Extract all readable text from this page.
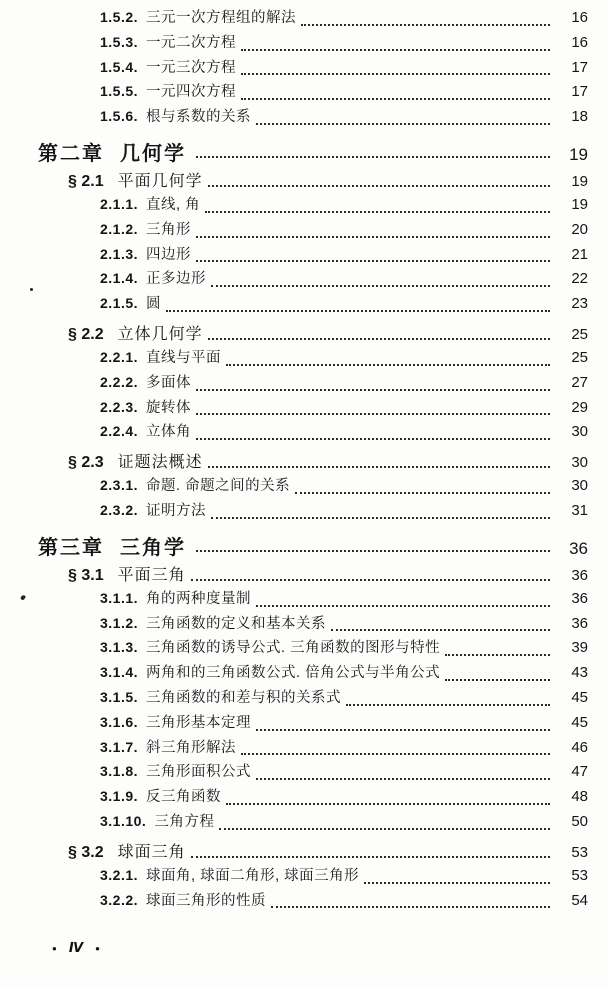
1.5.2. 三元一次方程组的解法	16
1.5.3. 一元二次方程	16
1.5.4. 一元三次方程	17
1.5.5. 一元四次方程	17
1.5.6. 根与系数的关系	18
第二章 几何学	19
§ 2.1 平面几何学	19
2.1.1. 直线, 角	19
2.1.2. 三角形	20
2.1.3. 四边形	21
2.1.4. 正多边形	22
2.1.5. 圆	23
§ 2.2 立体几何学	25
2.2.1. 直线与平面	25
2.2.2. 多面体	27
2.2.3. 旋转体	29
2.2.4. 立体角	30
§ 2.3 证题法概述	30
2.3.1. 命题. 命题之间的关系	30
2.3.2. 证明方法	31
第三章 三角学	36
§ 3.1 平面三角	36
3.1.1. 角的两种度量制	36
3.1.2. 三角函数的定义和基本关系	36
3.1.3. 三角函数的诱导公式. 三角函数的图形与特性	39
3.1.4. 两角和的三角函数公式. 倍角公式与半角公式	43
3.1.5. 三角函数的和差与积的关系式	45
3.1.6. 三角形基本定理	45
3.1.7. 斜三角形解法	46
3.1.8. 三角形面积公式	47
3.1.9. 反三角函数	48
3.1.10. 三角方程	50
§ 3.2 球面三角	53
3.2.1. 球面角, 球面二角形, 球面三角形	53
3.2.2. 球面三角形的性质	54
● Ⅳ ●
